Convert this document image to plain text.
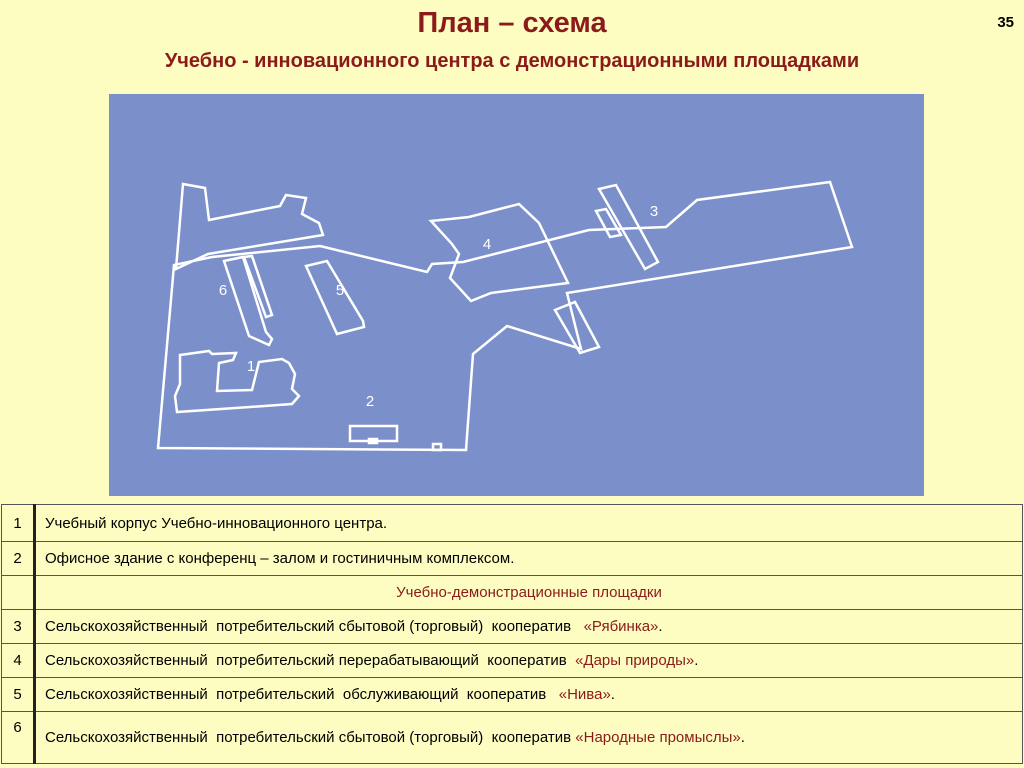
План – схема
Учебно - инновационного центра с демонстрационными площадками
35
1
2
3
4
5
6
1	Учебный корпус Учебно-инновационного центра.
2	Офисное здание с конференц – залом и гостиничным комплексом.
	Учебно-демонстрационные площадки
3	Сельскохозяйственный  потребительский сбытовой (торговый)  кооператив   «Рябинка».
4	Сельскохозяйственный  потребительский перерабатывающий  кооператив  «Дары природы».
5	Сельскохозяйственный  потребительский  обслуживающий  кооператив   «Нива».
6	Сельскохозяйственный  потребительский сбытовой (торговый)  кооператив «Народные промыслы».
